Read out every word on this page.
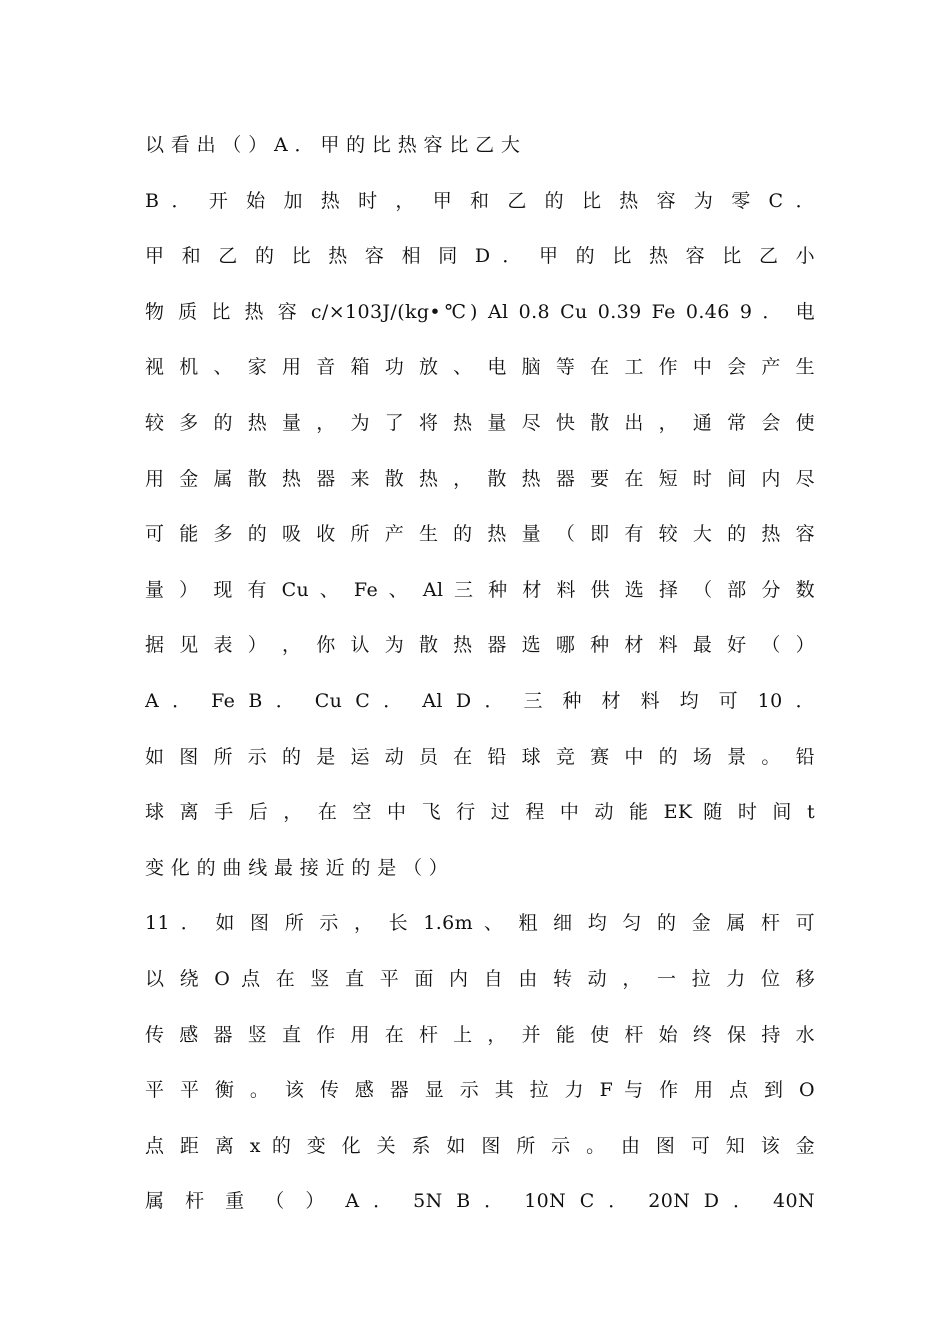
以 看 出 （ ） A ． 甲 的 比 热 容 比 乙 大
B ． 开 始 加 热 时 ， 甲 和 乙 的 比 热 容 为 零 C ．
甲 和 乙 的 比 热 容 相 同 D ． 甲 的 比 热 容 比 乙 小
物 质 比 热 容 c/×103J/(kg•℃) Al 0.8 Cu 0.39 Fe 0.46 9 ． 电
视 机 、 家 用 音 箱 功 放 、 电 脑 等 在 工 作 中 会 产 生
较 多 的 热 量 ， 为 了 将 热 量 尽 快 散 出 ， 通 常 会 使
用 金 属 散 热 器 来 散 热 ， 散 热 器 要 在 短 时 间 内 尽
可 能 多 的 吸 收 所 产 生 的 热 量 （ 即 有 较 大 的 热 容
量 ） 现 有 Cu 、 Fe 、 Al 三 种 材 料 供 选 择 （ 部 分 数
据 见 表 ） ， 你 认 为 散 热 器 选 哪 种 材 料 最 好 （ ）
A ． Fe B ． Cu C ． Al D ． 三 种 材 料 均 可 10 ．
如 图 所 示 的 是 运 动 员 在 铅 球 竞 赛 中 的 场 景 。 铅
球 离 手 后 ， 在 空 中 飞 行 过 程 中 动 能 EK 随 时 间 t
变 化 的 曲 线 最 接 近 的 是 （ ）
11 ． 如 图 所 示 ， 长 1.6m 、 粗 细 均 匀 的 金 属 杆 可
以 绕 O 点 在 竖 直 平 面 内 自 由 转 动 ， 一 拉 力 位 移
传 感 器 竖 直 作 用 在 杆 上 ， 并 能 使 杆 始 终 保 持 水
平 平 衡 。 该 传 感 器 显 示 其 拉 力 F 与 作 用 点 到 O
点 距 离 x 的 变 化 关 系 如 图 所 示 。 由 图 可 知 该 金
属 杆 重 （ ） A ． 5N B ． 10N C ． 20N D ． 40N
